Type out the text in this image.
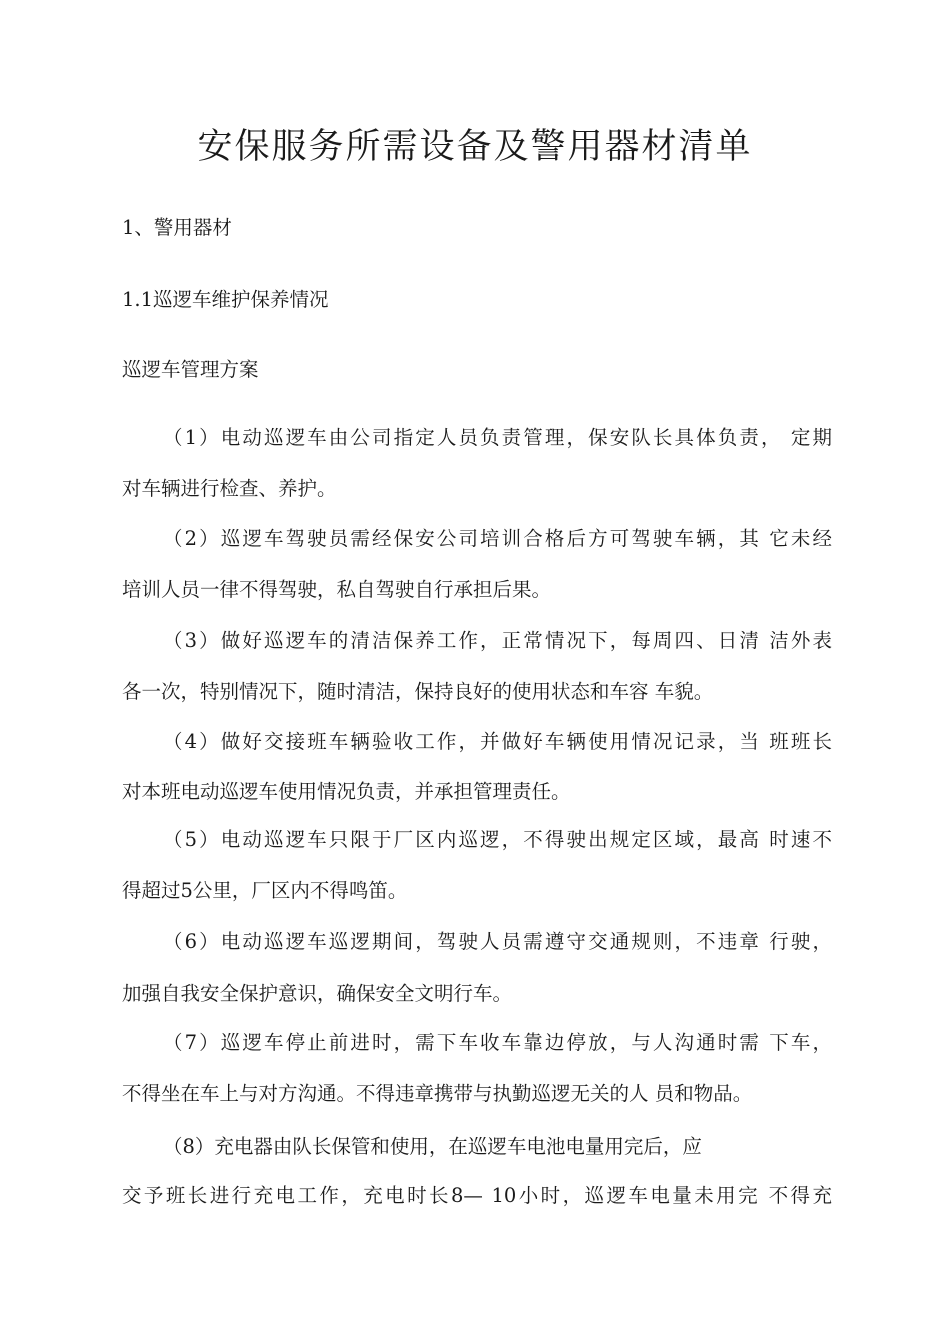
安保服务所需设备及警用器材清单
1、警用器材
1.1巡逻车维护保养情况
巡逻车管理方案
（1）电动巡逻车由公司指定人员负责管理，保安队长具体负责， 定期
对车辆进行检查、养护。
（2）巡逻车驾驶员需经保安公司培训合格后方可驾驶车辆，其 它未经
培训人员一律不得驾驶，私自驾驶自行承担后果。
（3）做好巡逻车的清洁保养工作，正常情况下，每周四、日清 洁外表
各一次，特别情况下，随时清洁，保持良好的使用状态和车容 车貌。
（4）做好交接班车辆验收工作，并做好车辆使用情况记录，当 班班长
对本班电动巡逻车使用情况负责，并承担管理责任。
（5）电动巡逻车只限于厂区内巡逻，不得驶出规定区域，最高 时速不
得超过5公里，厂区内不得鸣笛。
（6）电动巡逻车巡逻期间，驾驶人员需遵守交通规则，不违章 行驶，
加强自我安全保护意识，确保安全文明行车。
（7）巡逻车停止前进时，需下车收车靠边停放，与人沟通时需 下车，
不得坐在车上与对方沟通。不得违章携带与执勤巡逻无关的人 员和物品。
（8）充电器由队长保管和使用，在巡逻车电池电量用完后，应
交予班长进行充电工作，充电时长8— 10小时，巡逻车电量未用完 不得充
